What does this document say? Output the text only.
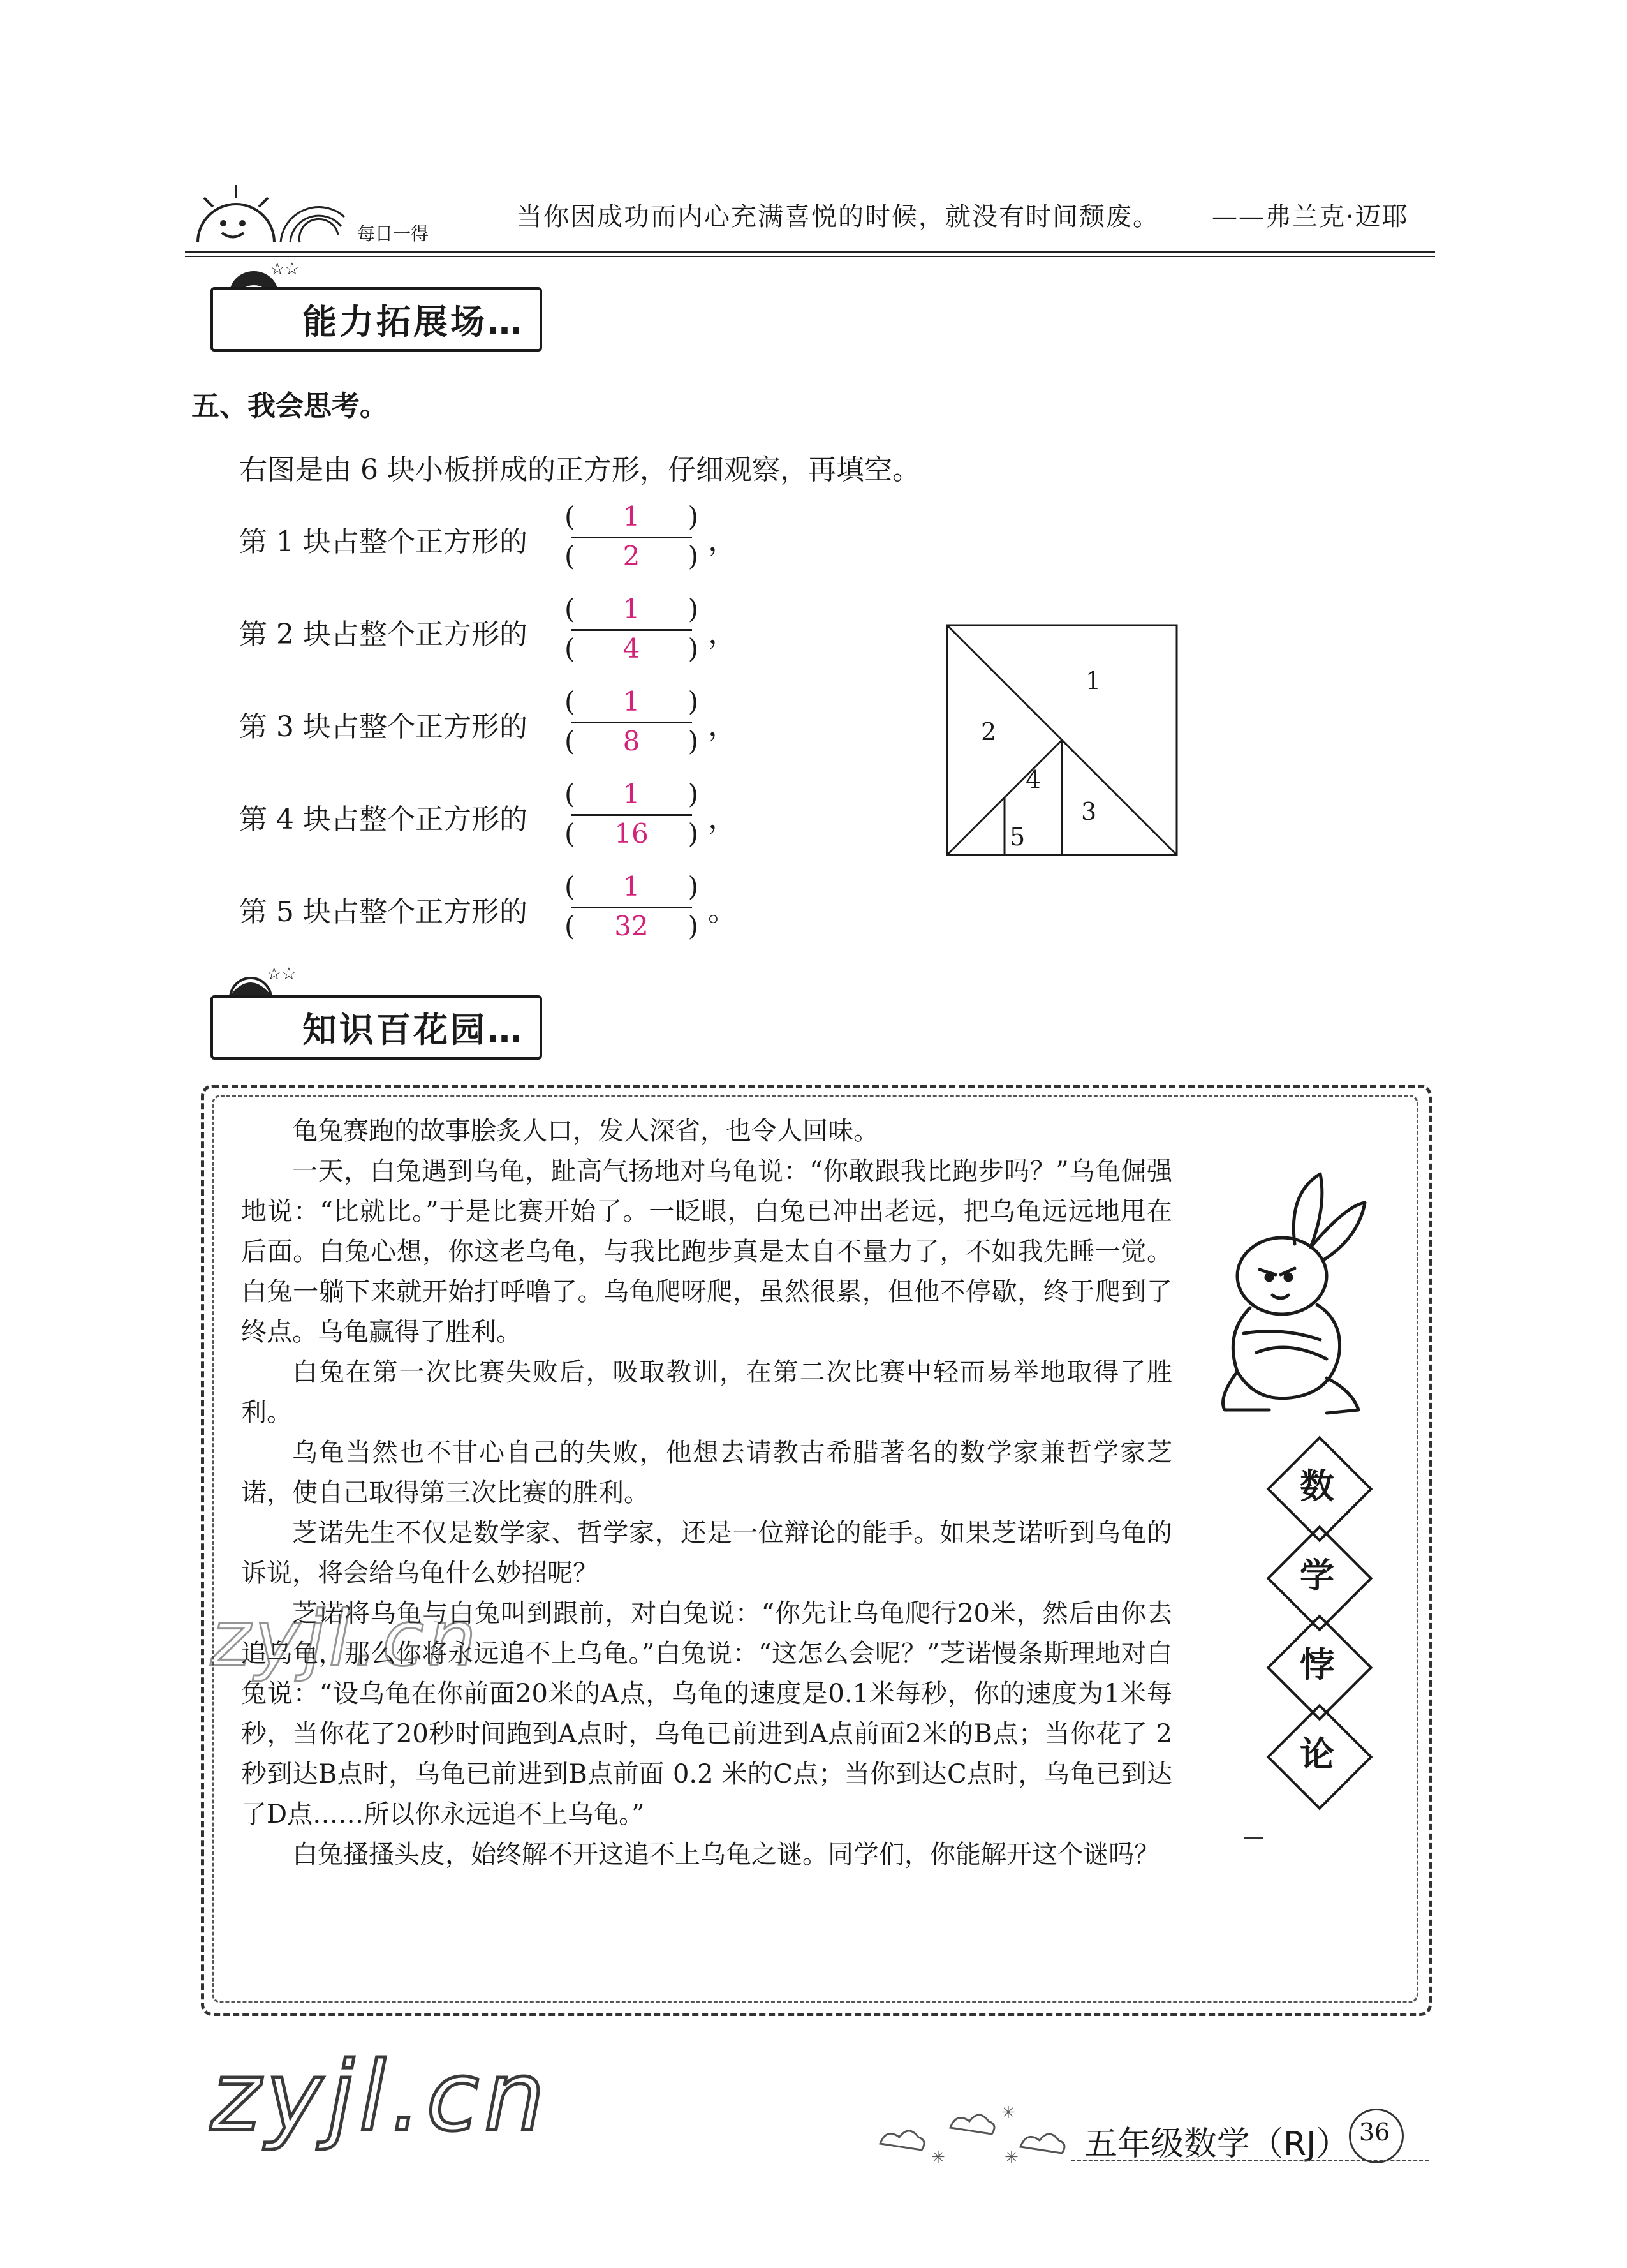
每日一得
当你因成功而内心充满喜悦的时候，就没有时间颓废。 ——弗兰克·迈耶
☆☆
能力拓展场…
五、我会思考。
右图是由 6 块小板拼成的正方形，仔细观察，再填空。
第 1 块占整个正方形的
(	)
1
(	)
2	，
第 2 块占整个正方形的
(	)
1
(	)
4	，
第 3 块占整个正方形的
(	)
1
(	)
8	，
第 4 块占整个正方形的
(	)
1
(	)
16	，
第 5 块占整个正方形的
(	)
1
(	)
32	。
1
2
3
4
5
☆☆
知识百花园…

龟兔赛跑的故事脍炙人口，发人深省，也令人回味。

一天，白兔遇到乌龟，趾高气扬地对乌龟说：“你敢跟我比跑步吗？”乌龟倔强地说：“比就比。”于是比赛开始了。一眨眼，白兔已冲出老远，把乌龟远远地甩在后面。白兔心想，你这老乌龟，与我比跑步真是太自不量力了，不如我先睡一觉。白兔一躺下来就开始打呼噜了。乌龟爬呀爬，虽然很累，但他不停歇，终于爬到了终点。乌龟赢得了胜利。

白兔在第一次比赛失败后，吸取教训，在第二次比赛中轻而易举地取得了胜利。

乌龟当然也不甘心自己的失败，他想去请教古希腊著名的数学家兼哲学家芝诺，使自己取得第三次比赛的胜利。

芝诺先生不仅是数学家、哲学家，还是一位辩论的能手。如果芝诺听到乌龟的诉说，将会给乌龟什么妙招呢？

芝诺将乌龟与白兔叫到跟前，对白兔说：“你先让乌龟爬行20米，然后由你去追乌龟，那么你将永远追不上乌龟。”白兔说：“这怎么会呢？”芝诺慢条斯理地对白兔说：“设乌龟在你前面20米的A点，乌龟的速度是0.1米每秒，你的速度为1米每秒，当你花了20秒时间跑到A点时，乌龟已前进到A点前面2米的B点；当你花了 2 秒到达B点时，乌龟已前进到B点前面 0.2 米的C点；当你到达C点时，乌龟已到达了D点……所以你永远追不上乌龟。”

白兔搔搔头皮，始终解不开这追不上乌龟之谜。同学们，你能解开这个谜吗？

数
学
悖
论
zyjl.cn
zyjl.cn
✳
✳
✳ 五年级数学（RJ） 36
